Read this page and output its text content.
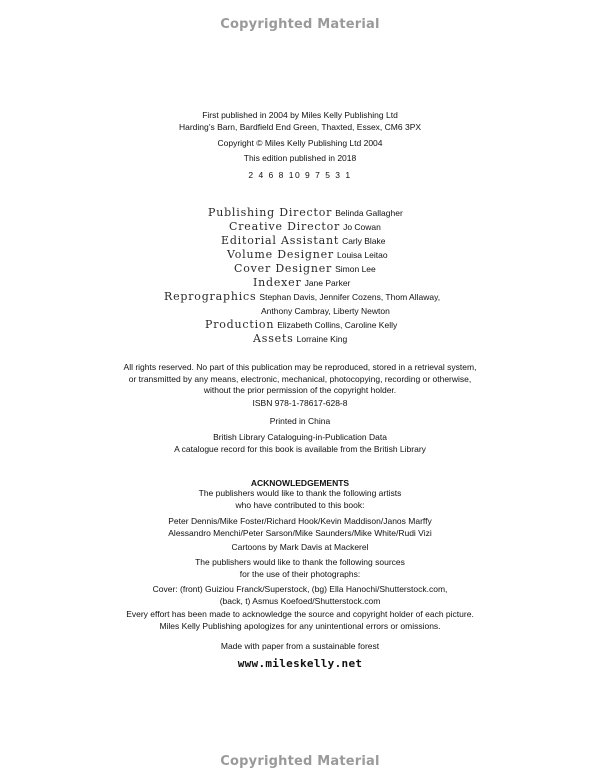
Copyrighted Material
First published in 2004 by Miles Kelly Publishing Ltd
Harding’s Barn, Bardfield End Green, Thaxted, Essex, CM6 3PX
Copyright © Miles Kelly Publishing Ltd 2004
This edition published in 2018
2 4 6 8 10 9 7 5 3 1
Publishing Director Belinda Gallagher
Creative Director Jo Cowan
Editorial Assistant Carly Blake
Volume Designer Louisa Leitao
Cover Designer Simon Lee
Indexer Jane Parker
Reprographics Stephan Davis, Jennifer Cozens, Thom Allaway,
Anthony Cambray, Liberty Newton
Production Elizabeth Collins, Caroline Kelly
Assets Lorraine King
All rights reserved. No part of this publication may be reproduced, stored in a retrieval system,
or transmitted by any means, electronic, mechanical, photocopying, recording or otherwise,
without the prior permission of the copyright holder.
ISBN 978-1-78617-628-8
Printed in China
British Library Cataloguing-in-Publication Data
A catalogue record for this book is available from the British Library
ACKNOWLEDGEMENTS
The publishers would like to thank the following artists
who have contributed to this book:
Peter Dennis/Mike Foster/Richard Hook/Kevin Maddison/Janos Marffy
Alessandro Menchi/Peter Sarson/Mike Saunders/Mike White/Rudi Vizi
Cartoons by Mark Davis at Mackerel
The publishers would like to thank the following sources
for the use of their photographs:
Cover: (front) Guiziou Franck/Superstock, (bg) Ella Hanochi/Shutterstock.com,
(back, t) Asmus Koefoed/Shutterstock.com
Every effort has been made to acknowledge the source and copyright holder of each picture.
Miles Kelly Publishing apologizes for any unintentional errors or omissions.
Made with paper from a sustainable forest
www.mileskelly.net
Copyrighted Material
